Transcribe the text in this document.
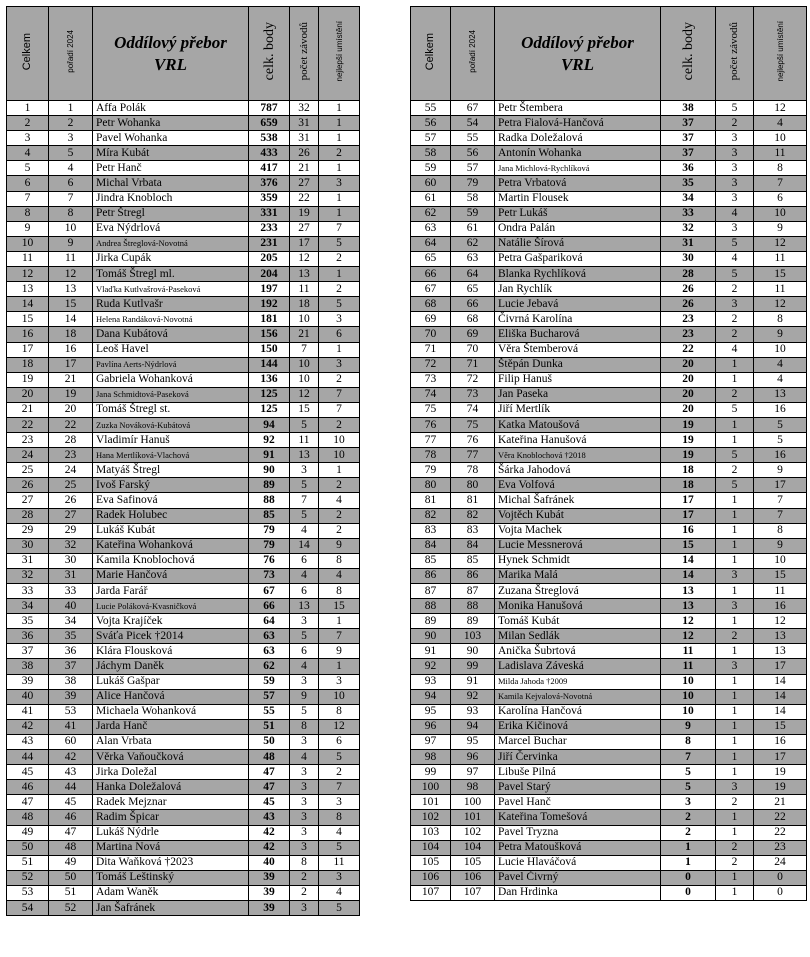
Celkem	pořadí 2024	Oddílový přebor
VRL	celk. body	počet závodů	nejlepší umístění
1	1	Affa Polák	787	32	1
2	2	Petr Wohanka	659	31	1
3	3	Pavel Wohanka	538	31	1
4	5	Míra Kubát	433	26	2
5	4	Petr Hanč	417	21	1
6	6	Michal Vrbata	376	27	3
7	7	Jindra Knobloch	359	22	1
8	8	Petr Štregl	331	19	1
9	10	Eva Nýdrlová	233	27	7
10	9	Andrea Štreglová-Novotná	231	17	5
11	11	Jirka Cupák	205	12	2
12	12	Tomáš Štregl ml.	204	13	1
13	13	Vlaďka Kutlvašrová-Paseková	197	11	2
14	15	Ruda Kutlvašr	192	18	5
15	14	Helena Randáková-Novotná	181	10	3
16	18	Dana Kubátová	156	21	6
17	16	Leoš Havel	150	7	1
18	17	Pavlína Aerts-Nýdrlová	144	10	3
19	21	Gabriela Wohanková	136	10	2
20	19	Jana Schmidtová-Paseková	125	12	7
21	20	Tomáš Štregl st.	125	15	7
22	22	Zuzka Nováková-Kubátová	94	5	2
23	28	Vladimír Hanuš	92	11	10
24	23	Hana Mertlíková-Vlachová	91	13	10
25	24	Matyáš Štregl	90	3	1
26	25	Ivoš Farský	89	5	2
27	26	Eva Safinová	88	7	4
28	27	Radek Holubec	85	5	2
29	29	Lukáš Kubát	79	4	2
30	32	Kateřina Wohanková	79	14	9
31	30	Kamila Knoblochová	76	6	8
32	31	Marie Hančová	73	4	4
33	33	Jarda Farář	67	6	8
34	40	Lucie Poláková-Kvasničková	66	13	15
35	34	Vojta Krajíček	64	3	1
36	35	Sváťa Picek †2014	63	5	7
37	36	Klára Flousková	63	6	9
38	37	Jáchym Daněk	62	4	1
39	38	Lukáš Gašpar	59	3	3
40	39	Alice Hančová	57	9	10
41	53	Michaela Wohanková	55	5	8
42	41	Jarda Hanč	51	8	12
43	60	Alan Vrbata	50	3	6
44	42	Věrka Vaňoučková	48	4	5
45	43	Jirka Doležal	47	3	2
46	44	Hanka Doležalová	47	3	7
47	45	Radek Mejznar	45	3	3
48	46	Radim Špicar	43	3	8
49	47	Lukáš Nýdrle	42	3	4
50	48	Martina Nová	42	3	5
51	49	Dita Waňková †2023	40	8	11
52	50	Tomáš Leštinský	39	2	3
53	51	Adam Waněk	39	2	4
54	52	Jan Šafránek	39	3	5
Celkem	pořadí 2024	Oddílový přebor
VRL	celk. body	počet závodů	nejlepší umístění
55	67	Petr Štembera	38	5	12
56	54	Petra Fialová-Hančová	37	2	4
57	55	Radka Doležalová	37	3	10
58	56	Antonín Wohanka	37	3	11
59	57	Jana Michlová-Rychlíková	36	3	8
60	79	Petra Vrbatová	35	3	7
61	58	Martin Flousek	34	3	6
62	59	Petr Lukáš	33	4	10
63	61	Ondra Palán	32	3	9
64	62	Natálie Šírová	31	5	12
65	63	Petra Gašpariková	30	4	11
66	64	Blanka Rychlíková	28	5	15
67	65	Jan Rychlík	26	2	11
68	66	Lucie Jebavá	26	3	12
69	68	Čivrná Karolína	23	2	8
70	69	Eliška Bucharová	23	2	9
71	70	Věra Štemberová	22	4	10
72	71	Štěpán Dunka	20	1	4
73	72	Filip Hanuš	20	1	4
74	73	Jan Paseka	20	2	13
75	74	Jiří Mertlík	20	5	16
76	75	Katka Matoušová	19	1	5
77	76	Kateřina Hanušová	19	1	5
78	77	Věra Knoblochová †2018	19	5	16
79	78	Šárka Jahodová	18	2	9
80	80	Eva Volfová	18	5	17
81	81	Michal Šafránek	17	1	7
82	82	Vojtěch Kubát	17	1	7
83	83	Vojta Machek	16	1	8
84	84	Lucie Messnerová	15	1	9
85	85	Hynek Schmidt	14	1	10
86	86	Marika Malá	14	3	15
87	87	Zuzana Štreglová	13	1	11
88	88	Monika Hanušová	13	3	16
89	89	Tomáš Kubát	12	1	12
90	103	Milan Sedlák	12	2	13
91	90	Anička Šubrtová	11	1	13
92	99	Ladislava Záveská	11	3	17
93	91	Milda Jahoda †2009	10	1	14
94	92	Kamila Kejvalová-Novotná	10	1	14
95	93	Karolína Hančová	10	1	14
96	94	Erika Kičinová	9	1	15
97	95	Marcel Buchar	8	1	16
98	96	Jiří Červinka	7	1	17
99	97	Libuše Pilná	5	1	19
100	98	Pavel Starý	5	3	19
101	100	Pavel Hanč	3	2	21
102	101	Kateřina Tomešová	2	1	22
103	102	Pavel Tryzna	2	1	22
104	104	Petra Matoušková	1	2	23
105	105	Lucie Hlaváčová	1	2	24
106	106	Pavel Čivrný	0	1	0
107	107	Dan Hrdinka	0	1	0
